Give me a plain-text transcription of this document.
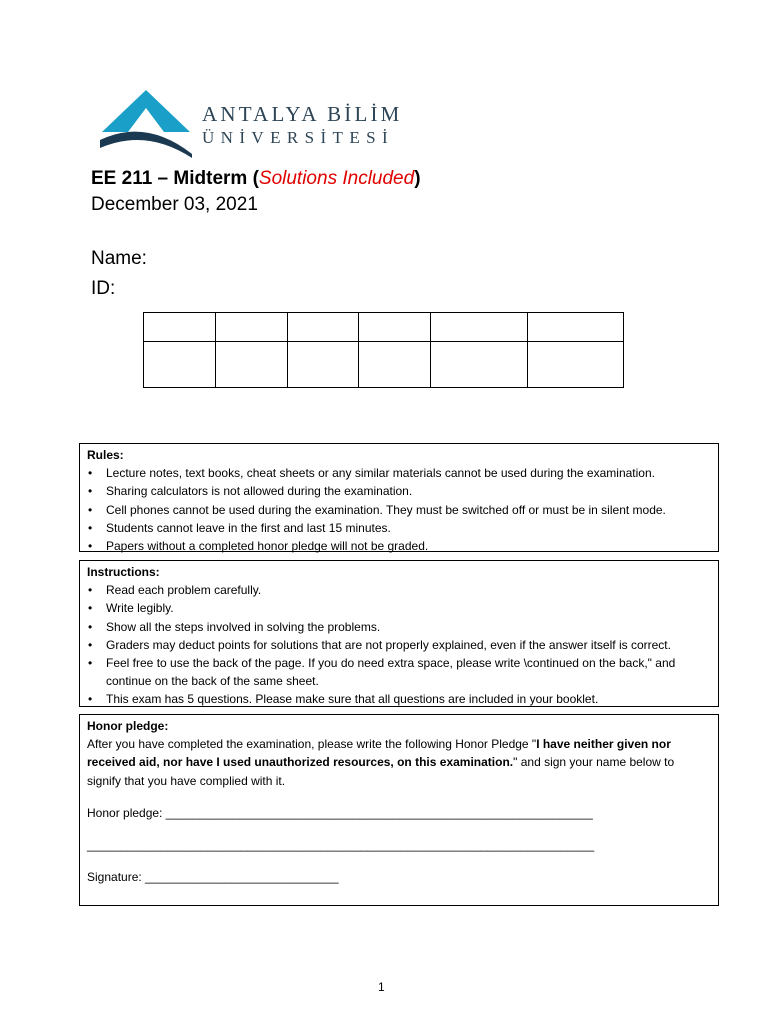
ANTALYA BİLİM
ÜNİVERSİTESİ
EE 211 – Midterm (Solutions Included)
December 03, 2021
Name:
ID:

Rules:
• Lecture notes, text books, cheat sheets or any similar materials cannot be used during the examination.
• Sharing calculators is not allowed during the examination.
• Cell phones cannot be used during the examination. They must be switched off or must be in silent mode.
• Students cannot leave in the first and last 15 minutes.
• Papers without a completed honor pledge will not be graded.
Instructions:
• Read each problem carefully.
• Write legibly.
• Show all the steps involved in solving the problems.
• Graders may deduct points for solutions that are not properly explained, even if the answer itself is correct.
• Feel free to use the back of the page. If you do need extra space, please write \continued on the back," and continue on the back of the same sheet.
• This exam has 5 questions. Please make sure that all questions are included in your booklet.
Honor pledge:
After you have completed the examination, please write the following Honor Pledge "I have neither given nor received aid, nor have I used unauthorized resources, on this examination." and sign your name below to signify that you have complied with it.
Honor pledge: ________________________________________________________________
____________________________________________________________________________
Signature: _____________________________
1
